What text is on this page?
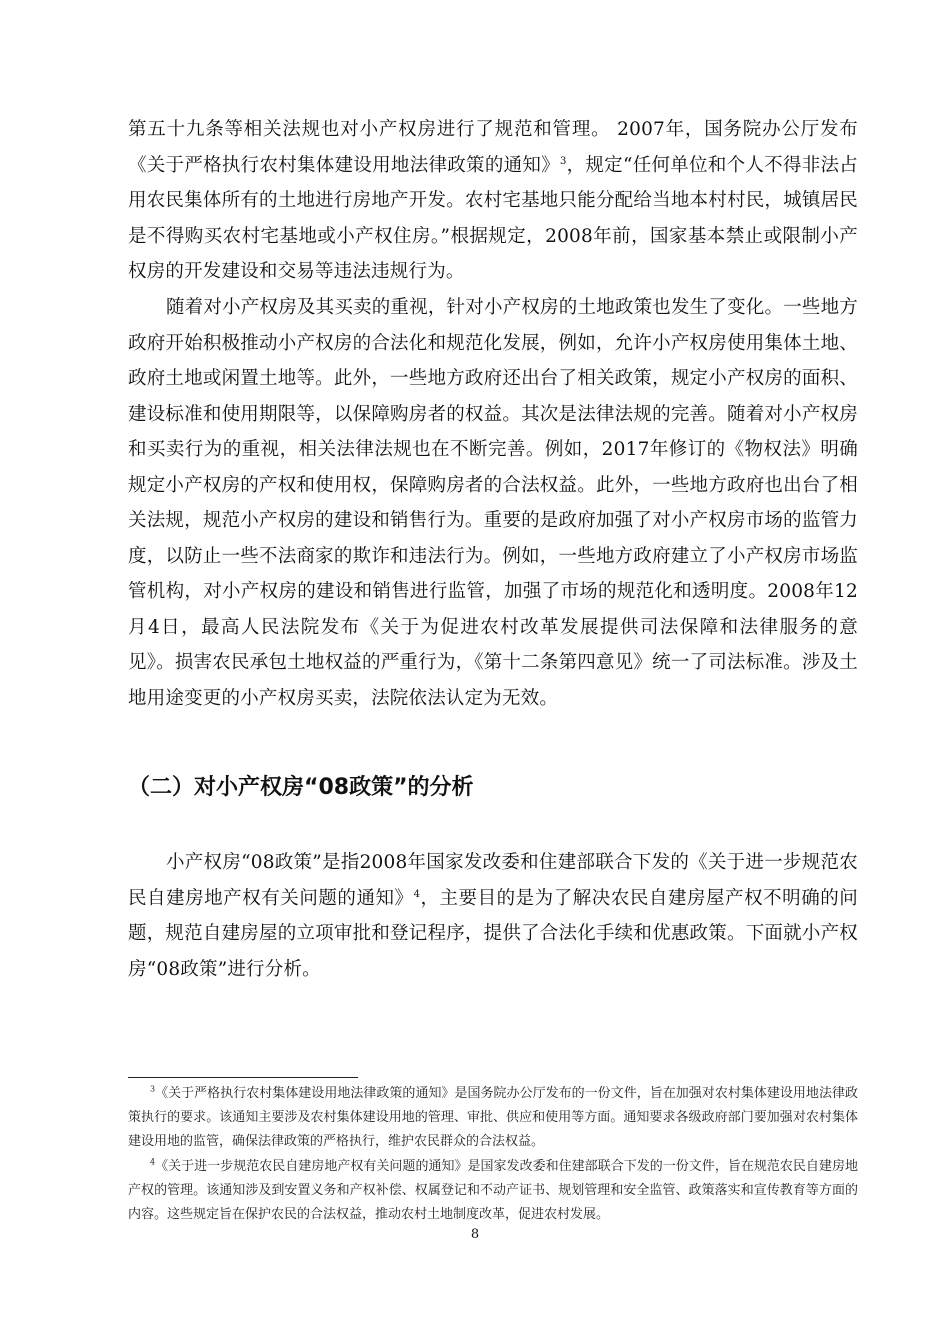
第五十九条等相关法规也对小产权房进行了规范和管理。 2007年，国务院办公厅发布《关于严格执行农村集体建设用地法律政策的通知》$^3$，规定“任何单位和个人不得非法占用农民集体所有的土地进行房地产开发。农村宅基地只能分配给当地本村村民，城镇居民是不得购买农村宅基地或小产权住房。”根据规定，2008年前，国家基本禁止或限制小产权房的开发建设和交易等违法违规行为。

随着对小产权房及其买卖的重视，针对小产权房的土地政策也发生了变化。一些地方政府开始积极推动小产权房的合法化和规范化发展，例如，允许小产权房使用集体土地、政府土地或闲置土地等。此外，一些地方政府还出台了相关政策，规定小产权房的面积、建设标准和使用期限等，以保障购房者的权益。其次是法律法规的完善。随着对小产权房和买卖行为的重视，相关法律法规也在不断完善。例如，2017年修订的《物权法》明确规定小产权房的产权和使用权，保障购房者的合法权益。此外，一些地方政府也出台了相关法规，规范小产权房的建设和销售行为。重要的是政府加强了对小产权房市场的监管力度，以防止一些不法商家的欺诈和违法行为。例如，一些地方政府建立了小产权房市场监管机构，对小产权房的建设和销售进行监管，加强了市场的规范化和透明度。2008年12月4日，最高人民法院发布《关于为促进农村改革发展提供司法保障和法律服务的意见》。损害农民承包土地权益的严重行为，《第十二条第四意见》统一了司法标准。涉及土地用途变更的小产权房买卖，法院依法认定为无效。

（二）对小产权房“08政策”的分析

小产权房“08政策”是指2008年国家发改委和住建部联合下发的《关于进一步规范农民自建房地产权有关问题的通知》$^4$，主要目的是为了解决农民自建房屋产权不明确的问题，规范自建房屋的立项审批和登记程序，提供了合法化手续和优惠政策。下面就小产权房“08政策”进行分析。

$^3$《关于严格执行农村集体建设用地法律政策的通知》是国务院办公厅发布的一份文件，旨在加强对农村集体建设用地法律政策执行的要求。该通知主要涉及农村集体建设用地的管理、审批、供应和使用等方面。通知要求各级政府部门要加强对农村集体建设用地的监管，确保法律政策的严格执行，维护农民群众的合法权益。

$^4$《关于进一步规范农民自建房地产权有关问题的通知》是国家发改委和住建部联合下发的一份文件，旨在规范农民自建房地产权的管理。该通知涉及到安置义务和产权补偿、权属登记和不动产证书、规划管理和安全监管、政策落实和宣传教育等方面的内容。这些规定旨在保护农民的合法权益，推动农村土地制度改革，促进农村发展。

8
